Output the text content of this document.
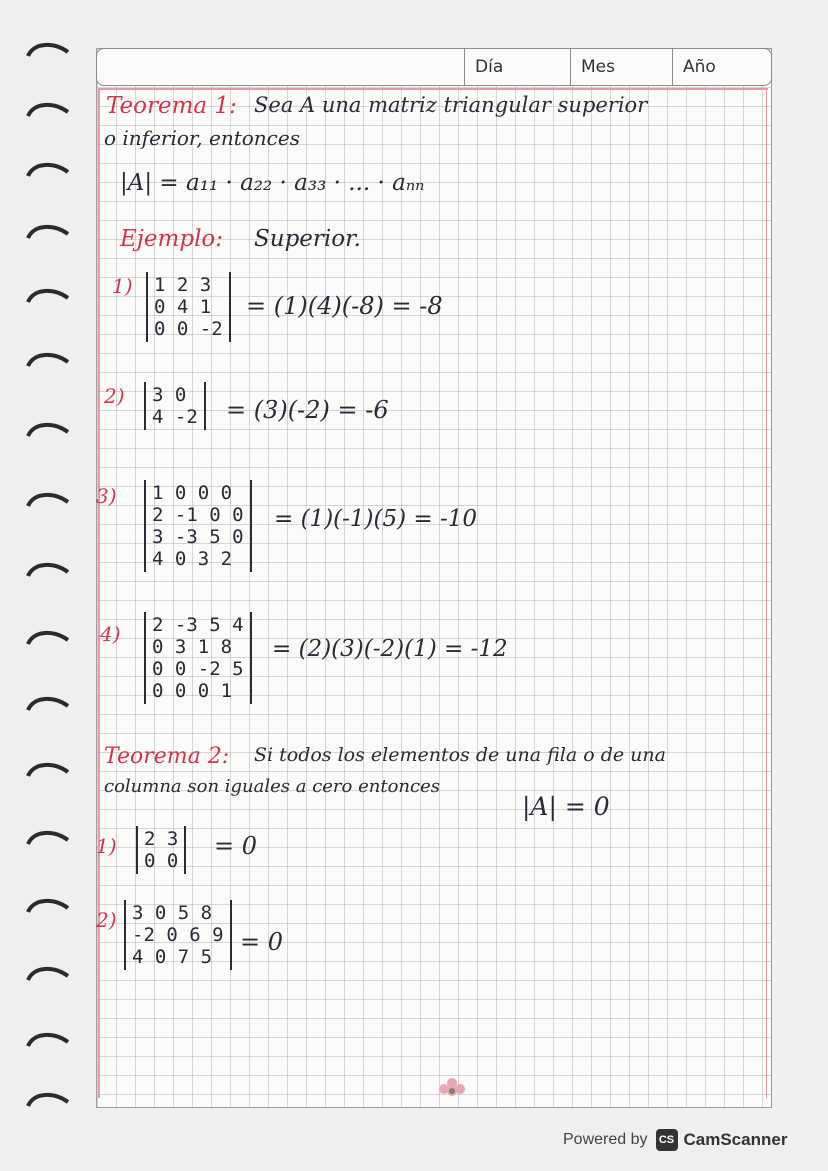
Día	Mes	Año
Teorema 1: Sea A una matriz triangular superior
o inferior, entonces
|A| = a₁₁ · a₂₂ · a₃₃ · ... · aₙₙ
Ejemplo: Superior.
1) 1 2 3
0 4 1
0 0 -2
= (1)(4)(-8) = -8
2) 3 0
4 -2 = (3)(-2) = -6
3) 1 0 0 0
2 -1 0 0
3 -3 5 0
4 0 3 2
= (1)(-1)(5) = -10
4) 2 -3 5 4
0 3 1 8
0 0 -2 5
0 0 0 1
= (2)(3)(-2)(1) = -12
Teorema 2: Si todos los elementos de una fila o de una
columna son iguales a cero entonces
|A| = 0
1) 2 3
0 0
= 0
2) 3 0 5 8
-2 0 6 9
4 0 7 5
= 0
Powered by	CS CamScanner
